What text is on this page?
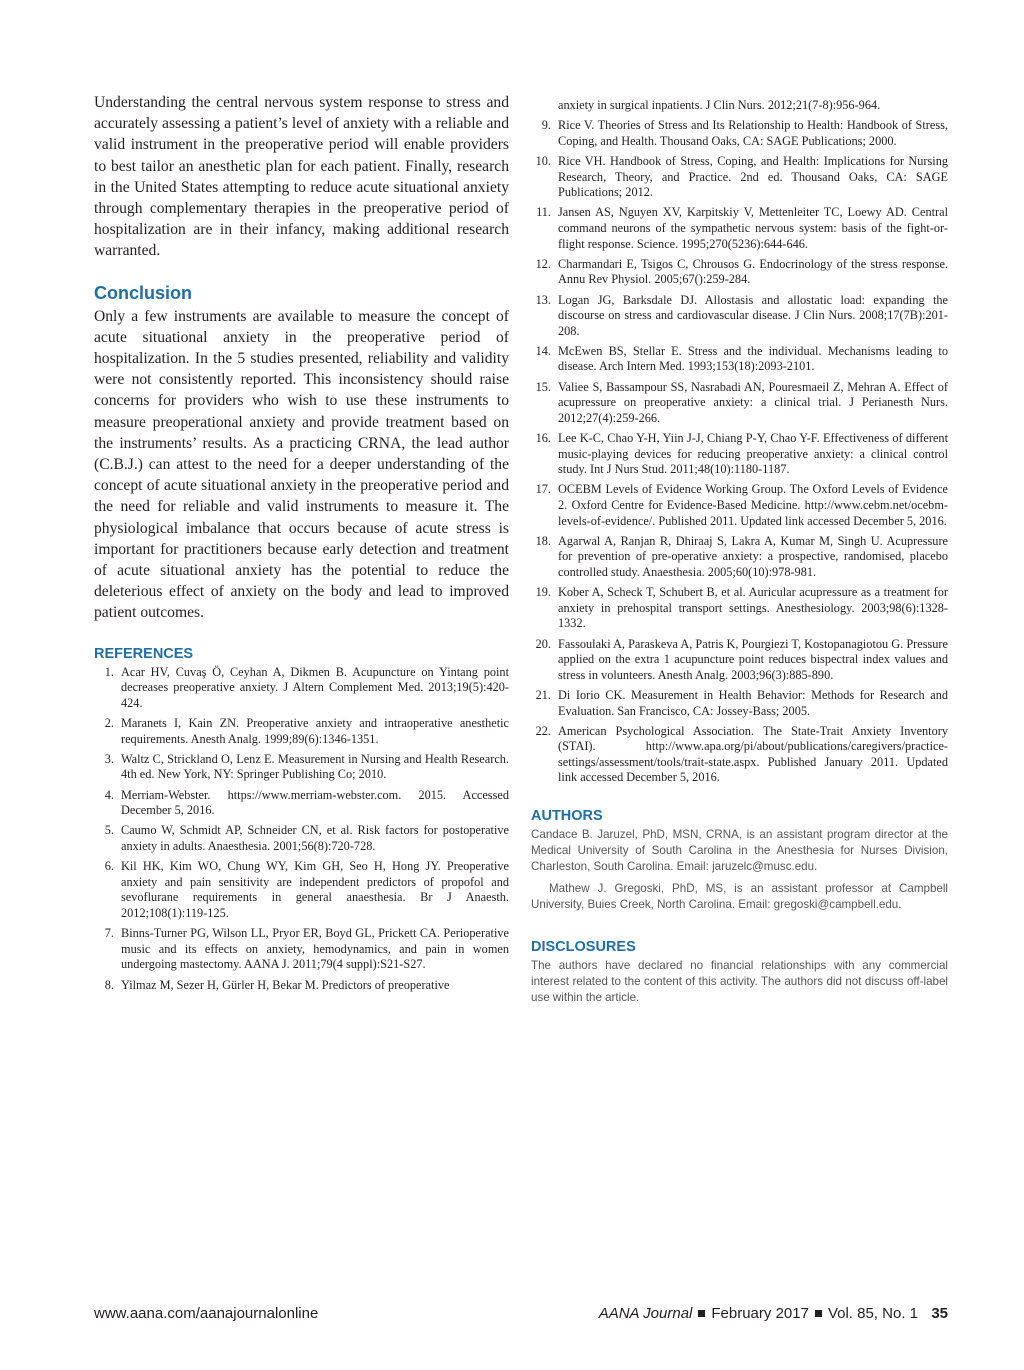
Understanding the central nervous system response to stress and accurately assessing a patient’s level of anxiety with a reliable and valid instrument in the preoperative period will enable providers to best tailor an anesthetic plan for each patient. Finally, research in the United States attempting to reduce acute situational anxiety through complementary therapies in the preoperative period of hospitalization are in their infancy, making additional research warranted.

Conclusion

Only a few instruments are available to measure the concept of acute situational anxiety in the preoperative period of hospitalization. In the 5 studies presented, reliability and validity were not consistently reported. This inconsistency should raise concerns for providers who wish to use these instruments to measure preoperational anxiety and provide treatment based on the instruments’ results. As a practicing CRNA, the lead author (C.B.J.) can attest to the need for a deeper understanding of the concept of acute situational anxiety in the preoperative period and the need for reliable and valid instruments to measure it. The physiological imbalance that occurs because of acute stress is important for practitioners because early detection and treatment of acute situational anxiety has the potential to reduce the deleterious effect of anxiety on the body and lead to improved patient outcomes.

REFERENCES
1. Acar HV, Cuvaş Ö, Ceyhan A, Dikmen B. Acupuncture on Yintang point decreases preoperative anxiety. J Altern Complement Med. 2013;19(5):420-424.
2. Maranets I, Kain ZN. Preoperative anxiety and intraoperative anesthetic requirements. Anesth Analg. 1999;89(6):1346-1351.
3. Waltz C, Strickland O, Lenz E. Measurement in Nursing and Health Research. 4th ed. New York, NY: Springer Publishing Co; 2010.
4. Merriam-Webster. https://www.merriam-webster.com. 2015. Accessed December 5, 2016.
5. Caumo W, Schmidt AP, Schneider CN, et al. Risk factors for postoperative anxiety in adults. Anaesthesia. 2001;56(8):720-728.
6. Kil HK, Kim WO, Chung WY, Kim GH, Seo H, Hong JY. Preoperative anxiety and pain sensitivity are independent predictors of propofol and sevoflurane requirements in general anaesthesia. Br J Anaesth. 2012;108(1):119-125.
7. Binns-Turner PG, Wilson LL, Pryor ER, Boyd GL, Prickett CA. Perioperative music and its effects on anxiety, hemodynamics, and pain in women undergoing mastectomy. AANA J. 2011;79(4 suppl):S21-S27.
8. Yilmaz M, Sezer H, Gürler H, Bekar M. Predictors of preoperative

anxiety in surgical inpatients. J Clin Nurs. 2012;21(7-8):956-964.

9. Rice V. Theories of Stress and Its Relationship to Health: Handbook of Stress, Coping, and Health. Thousand Oaks, CA: SAGE Publications; 2000.
10. Rice VH. Handbook of Stress, Coping, and Health: Implications for Nursing Research, Theory, and Practice. 2nd ed. Thousand Oaks, CA: SAGE Publications; 2012.
11. Jansen AS, Nguyen XV, Karpitskiy V, Mettenleiter TC, Loewy AD. Central command neurons of the sympathetic nervous system: basis of the fight-or-flight response. Science. 1995;270(5236):644-646.
12. Charmandari E, Tsigos C, Chrousos G. Endocrinology of the stress response. Annu Rev Physiol. 2005;67():259-284.
13. Logan JG, Barksdale DJ. Allostasis and allostatic load: expanding the discourse on stress and cardiovascular disease. J Clin Nurs. 2008;17(7B):201-208.
14. McEwen BS, Stellar E. Stress and the individual. Mechanisms leading to disease. Arch Intern Med. 1993;153(18):2093-2101.
15. Valiee S, Bassampour SS, Nasrabadi AN, Pouresmaeil Z, Mehran A. Effect of acupressure on preoperative anxiety: a clinical trial. J Perianesth Nurs. 2012;27(4):259-266.
16. Lee K-C, Chao Y-H, Yiin J-J, Chiang P-Y, Chao Y-F. Effectiveness of different music-playing devices for reducing preoperative anxiety: a clinical control study. Int J Nurs Stud. 2011;48(10):1180-1187.
17. OCEBM Levels of Evidence Working Group. The Oxford Levels of Evidence 2. Oxford Centre for Evidence-Based Medicine. http://www.cebm.net/ocebm-levels-of-evidence/. Published 2011. Updated link accessed December 5, 2016.
18. Agarwal A, Ranjan R, Dhiraaj S, Lakra A, Kumar M, Singh U. Acupressure for prevention of pre-operative anxiety: a prospective, randomised, placebo controlled study. Anaesthesia. 2005;60(10):978-981.
19. Kober A, Scheck T, Schubert B, et al. Auricular acupressure as a treatment for anxiety in prehospital transport settings. Anesthesiology. 2003;98(6):1328-1332.
20. Fassoulaki A, Paraskeva A, Patris K, Pourgiezi T, Kostopanagiotou G. Pressure applied on the extra 1 acupuncture point reduces bispectral index values and stress in volunteers. Anesth Analg. 2003;96(3):885-890.
21. Di Iorio CK. Measurement in Health Behavior: Methods for Research and Evaluation. San Francisco, CA: Jossey-Bass; 2005.
22. American Psychological Association. The State-Trait Anxiety Inventory (STAI). http://www.apa.org/pi/about/publications/caregivers/practice-settings/assessment/tools/trait-state.aspx. Published January 2011. Updated link accessed December 5, 2016.
AUTHORS

Candace B. Jaruzel, PhD, MSN, CRNA, is an assistant program director at the Medical University of South Carolina in the Anesthesia for Nurses Division, Charleston, South Carolina. Email: jaruzelc@musc.edu.

Mathew J. Gregoski, PhD, MS, is an assistant professor at Campbell University, Buies Creek, North Carolina. Email: gregoski@campbell.edu.

DISCLOSURES

The authors have declared no financial relationships with any commercial interest related to the content of this activity. The authors did not discuss off-label use within the article.

www.aana.com/aanajournalonline	AANA Journal February 2017 Vol. 85, No. 1 35
